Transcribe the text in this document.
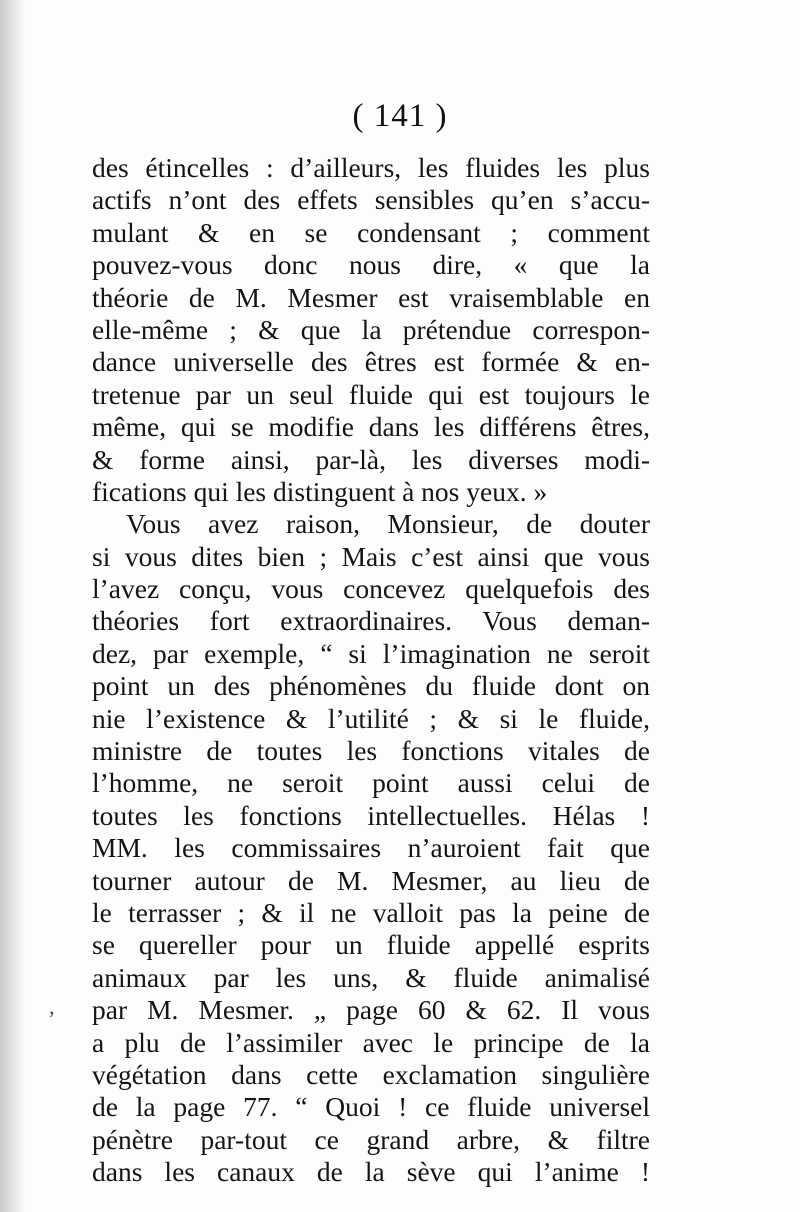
( 141 )
des étincelles : d’ailleurs, les fluides les plus
actifs n’ont des effets sensibles qu’en s’accu-
mulant & en se condensant ; comment
pouvez-vous donc nous dire, « que la
théorie de M. Mesmer est vraisemblable en
elle-même ; & que la prétendue correspon-
dance universelle des êtres est formée & en-
tretenue par un seul fluide qui est toujours le
même, qui se modifie dans les différens êtres,
& forme ainsi, par-là, les diverses modi-
fications qui les distinguent à nos yeux. »
Vous avez raison, Monsieur, de douter
si vous dites bien ; Mais c’est ainsi que vous
l’avez conçu, vous concevez quelquefois des
théories fort extraordinaires. Vous deman-
dez, par exemple, “ si l’imagination ne seroit
point un des phénomènes du fluide dont on
nie l’existence & l’utilité ; & si le fluide,
ministre de toutes les fonctions vitales de
l’homme, ne seroit point aussi celui de
toutes les fonctions intellectuelles. Hélas !
MM. les commissaires n’auroient fait que
tourner autour de M. Mesmer, au lieu de
le terrasser ; & il ne valloit pas la peine de
se quereller pour un fluide appellé esprits
animaux par les uns, & fluide animalisé
par M. Mesmer. „ page 60 & 62. Il vous
a plu de l’assimiler avec le principe de la
végétation dans cette exclamation singulière
de la page 77. “ Quoi ! ce fluide universel
pénètre par-tout ce grand arbre, & filtre
dans les canaux de la sève qui l’anime !
‚
